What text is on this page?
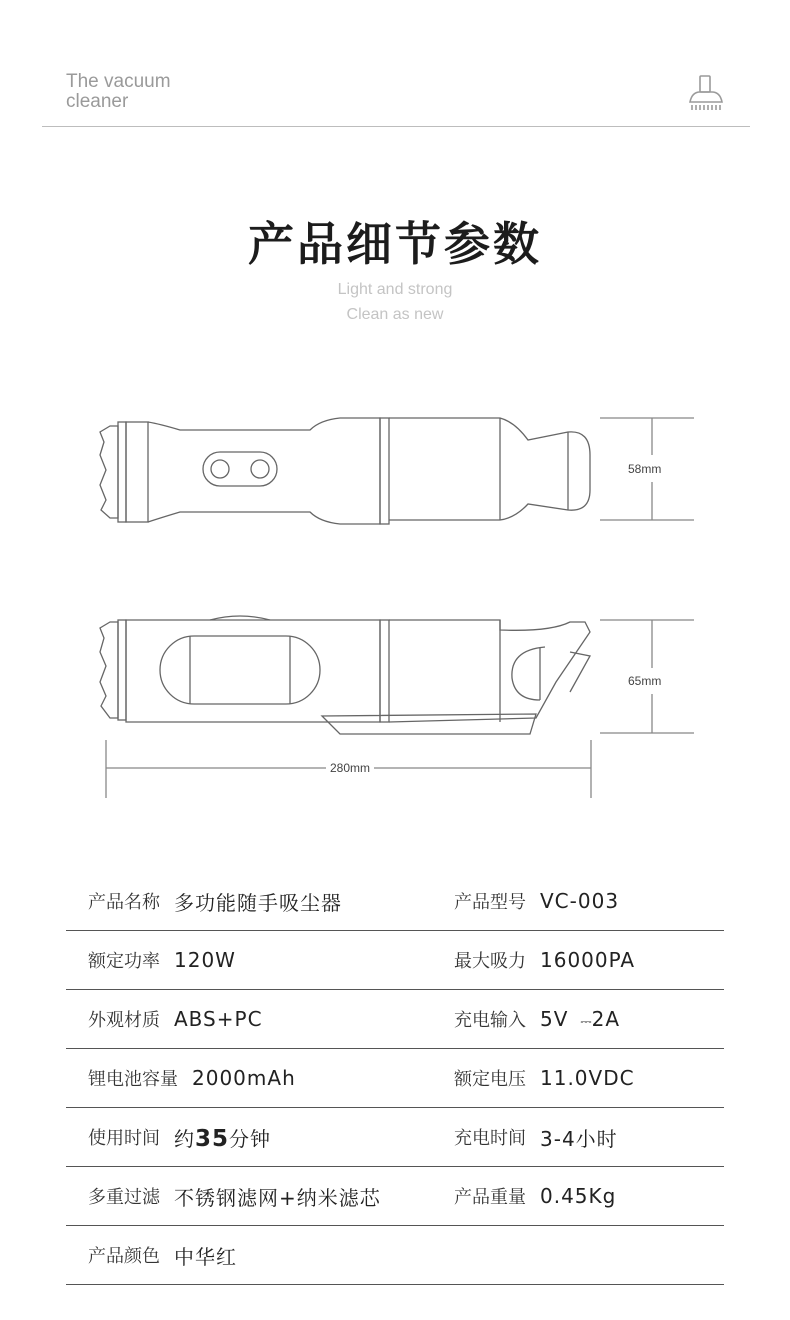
The vacuum
cleaner
产品细节参数
Light and strong
Clean as new
58mm
65mm
280mm
产品名称 多功能随手吸尘器	产品型号 VC-003
额定功率 120W	最大吸力 16000PA
外观材质 ABS+PC	充电输入 5V ⎓2A
锂电池容量 2000mAh	额定电压 11.0VDC
使用时间 约35分钟	充电时间 3-4小时
多重过滤 不锈钢滤网+纳米滤芯	产品重量 0.45Kg
产品颜色 中华红
